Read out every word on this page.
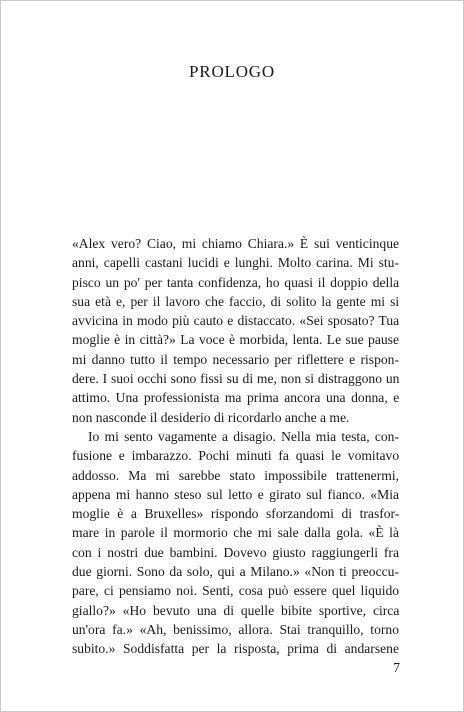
PROLOGO

«Alex vero? Ciao, mi chiamo Chiara.» È sui venticinque
anni, capelli castani lucidi e lunghi. Molto carina. Mi stu-
pisco un po' per tanta confidenza, ho quasi il doppio della
sua età e, per il lavoro che faccio, di solito la gente mi si
avvicina in modo più cauto e distaccato. «Sei sposato? Tua
moglie è in città?» La voce è morbida, lenta. Le sue pause
mi danno tutto il tempo necessario per riflettere e rispon-
dere. I suoi occhi sono fissi su di me, non si distraggono un
attimo. Una professionista ma prima ancora una donna, e
non nasconde il desiderio di ricordarlo anche a me.

Io mi sento vagamente a disagio. Nella mia testa, con-
fusione e imbarazzo. Pochi minuti fa quasi le vomitavo
addosso. Ma mi sarebbe stato impossibile trattenermi,
appena mi hanno steso sul letto e girato sul fianco. «Mia
moglie è a Bruxelles» rispondo sforzandomi di trasfor-
mare in parole il mormorio che mi sale dalla gola. «È là
con i nostri due bambini. Dovevo giusto raggiungerli fra
due giorni. Sono da solo, qui a Milano.» «Non ti preoccu-
pare, ci pensiamo noi. Senti, cosa può essere quel liquido
giallo?» «Ho bevuto una di quelle bibite sportive, circa
un'ora fa.» «Ah, benissimo, allora. Stai tranquillo, torno
subito.» Soddisfatta per la risposta, prima di andarsene

7
